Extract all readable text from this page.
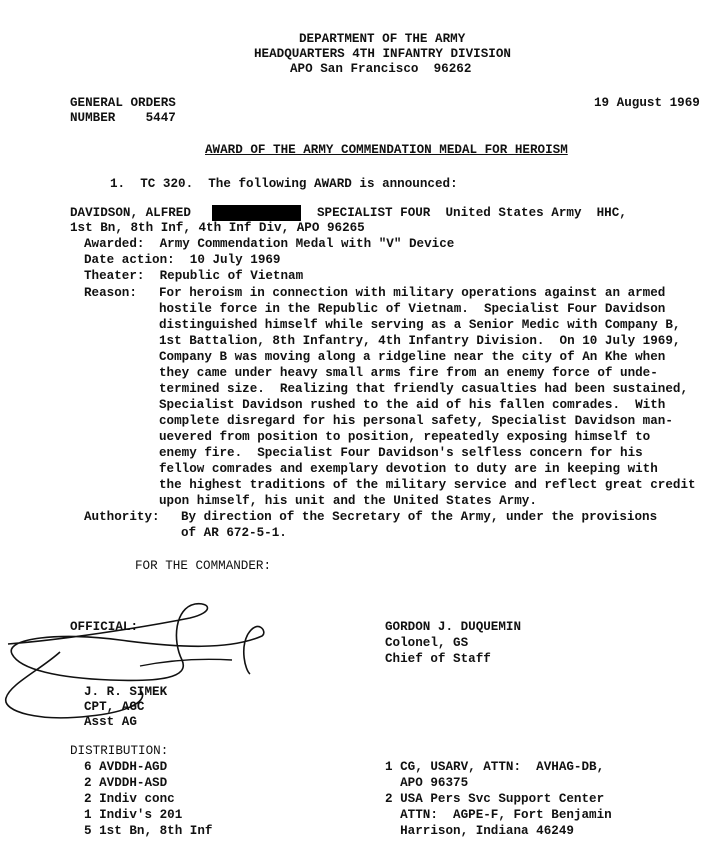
DEPARTMENT OF THE ARMY
HEADQUARTERS 4TH INFANTRY DIVISION
APO San Francisco  96262
GENERAL ORDERS
NUMBER    5447
19 August 1969
AWARD OF THE ARMY COMMENDATION MEDAL FOR HEROISM
1.  TC 320.  The following AWARD is announced:
DAVIDSON, ALFRED	SPECIALIST FOUR  United States Army  HHC,
1st Bn, 8th Inf, 4th Inf Div, APO 96265
Awarded:  Army Commendation Medal with "V" Device
Date action:  10 July 1969
Theater:  Republic of Vietnam
Reason: For heroism in connection with military operations against an armed
hostile force in the Republic of Vietnam.  Specialist Four Davidson
distinguished himself while serving as a Senior Medic with Company B,
1st Battalion, 8th Infantry, 4th Infantry Division.  On 10 July 1969,
Company B was moving along a ridgeline near the city of An Khe when
they came under heavy small arms fire from an enemy force of unde-
termined size.  Realizing that friendly casualties had been sustained,
Specialist Davidson rushed to the aid of his fallen comrades.  With
complete disregard for his personal safety, Specialist Davidson man-
uevered from position to position, repeatedly exposing himself to
enemy fire.  Specialist Four Davidson's selfless concern for his
fellow comrades and exemplary devotion to duty are in keeping with
the highest traditions of the military service and reflect great credit
upon himself, his unit and the United States Army.
Authority: By direction of the Secretary of the Army, under the provisions
of AR 672-5-1.
FOR THE COMMANDER:
OFFICIAL:
J. R. SIMEK
CPT, AGC
Asst AG
GORDON J. DUQUEMIN
Colonel, GS
Chief of Staff
DISTRIBUTION:
6 AVDDH-AGD
2 AVDDH-ASD
2 Indiv conc
1 Indiv's 201
5 1st Bn, 8th Inf
1 CG, USARV, ATTN:  AVHAG-DB,
APO 96375
2 USA Pers Svc Support Center
ATTN:  AGPE-F, Fort Benjamin
Harrison, Indiana 46249
